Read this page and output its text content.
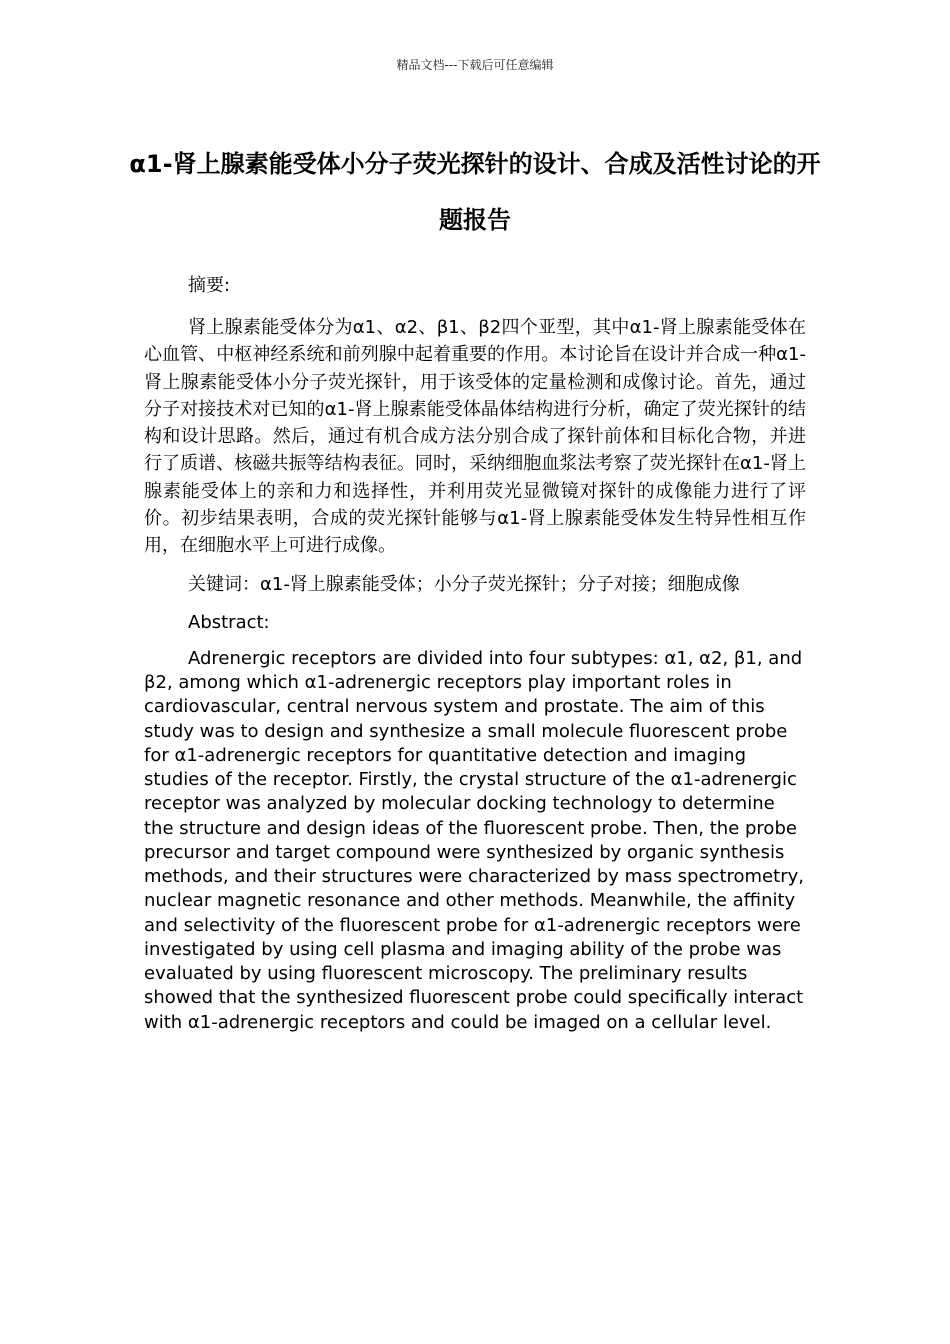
精品文档---下载后可任意编辑
α1-肾上腺素能受体小分子荧光探针的设计、合成及活性讨论的开题报告

摘要:

肾上腺素能受体分为α1、α2、β1、β2四个亚型，其中α1-肾上腺素能受体在心血管、中枢神经系统和前列腺中起着重要的作用。本讨论旨在设计并合成一种α1-肾上腺素能受体小分子荧光探针，用于该受体的定量检测和成像讨论。首先，通过分子对接技术对已知的α1-肾上腺素能受体晶体结构进行分析，确定了荧光探针的结构和设计思路。然后，通过有机合成方法分别合成了探针前体和目标化合物，并进行了质谱、核磁共振等结构表征。同时，采纳细胞血浆法考察了荧光探针在α1-肾上腺素能受体上的亲和力和选择性，并利用荧光显微镜对探针的成像能力进行了评价。初步结果表明，合成的荧光探针能够与α1-肾上腺素能受体发生特异性相互作用，在细胞水平上可进行成像。

关键词：α1-肾上腺素能受体；小分子荧光探针；分子对接；细胞成像

Abstract:

Adrenergic receptors are divided into four subtypes: α1, α2, β1, and β2, among which α1-adrenergic receptors play important roles in cardiovascular, central nervous system and prostate. The aim of this study was to design and synthesize a small molecule fluorescent probe for α1-adrenergic receptors for quantitative detection and imaging studies of the receptor. Firstly, the crystal structure of the α1-adrenergic receptor was analyzed by molecular docking technology to determine the structure and design ideas of the fluorescent probe. Then, the probe precursor and target compound were synthesized by organic synthesis methods, and their structures were characterized by mass spectrometry, nuclear magnetic resonance and other methods. Meanwhile, the affinity and selectivity of the fluorescent probe for α1-adrenergic receptors were investigated by using cell plasma and imaging ability of the probe was evaluated by using fluorescent microscopy. The preliminary results showed that the synthesized fluorescent probe could specifically interact with α1-adrenergic receptors and could be imaged on a cellular level.
